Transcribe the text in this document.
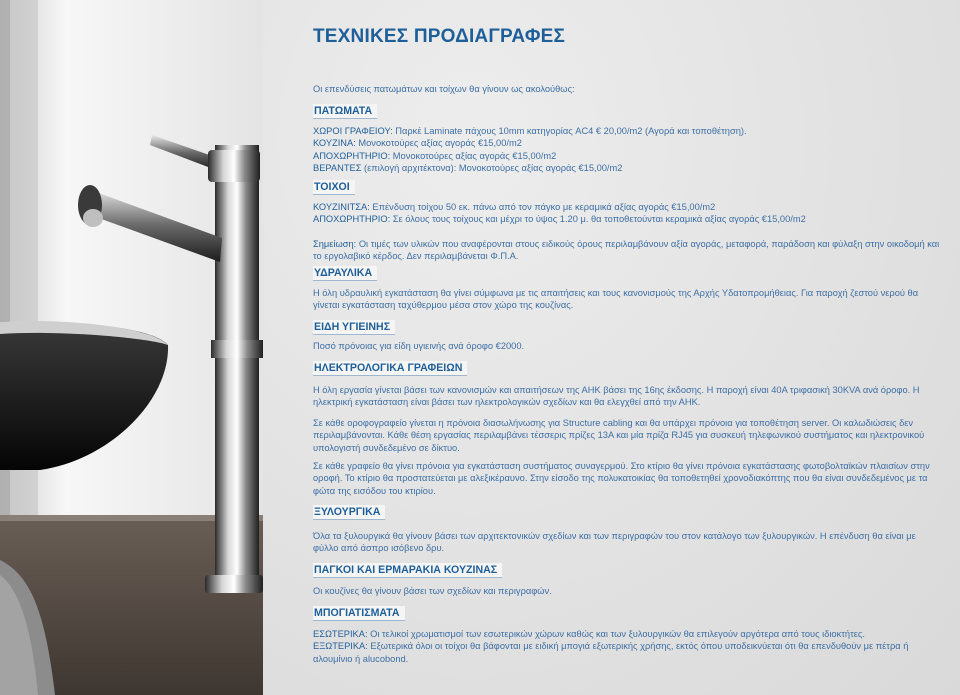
ΤΕΧΝΙΚΕΣ ΠΡΟΔΙΑΓΡΑΦΕΣ
Οι επενδύσεις πατωμάτων και τοίχων θα γίνουν ως ακολούθως:
ΠΑΤΩΜΑΤΑ
ΧΩΡΟΙ ΓΡΑΦΕΙΟΥ: Παρκέ Laminate πάχους 10mm κατηγορίας AC4 € 20,00/m2 (Αγορά και τοποθέτηση).
ΚΟΥΖΙΝΑ: Μονοκοτούρες αξίας αγοράς €15,00/m2
ΑΠΟΧΩΡΗΤΗΡΙΟ: Μονοκοτούρες αξίας αγοράς €15,00/m2
ΒΕΡΑΝΤΕΣ (επιλογή αρχιτέκτονα): Μονοκοτούρες αξίας αγοράς €15,00/m2
ΤΟΙΧΟΙ
ΚΟΥΖΙΝΙΤΣΑ: Επένδυση τοίχου 50 εκ. πάνω από τον πάγκο με κεραμικά αξίας αγοράς €15,00/m2
ΑΠΟΧΩΡΗΤΗΡΙΟ: Σε όλους τους τοίχους και μέχρι το ύψος 1.20 μ. θα τοποθετούνται κεραμικά αξίας αγοράς €15,00/m2
Σημείωση: Οι τιμές των υλικών που αναφέρονται στους ειδικούς όρους περιλαμβάνουν αξία αγοράς, μεταφορά, παράδοση και φύλαξη στην οικοδομή και το εργολαβικό κέρδος. Δεν περιλαμβάνεται Φ.Π.Α.
ΥΔΡΑΥΛΙΚΑ
Η όλη υδραυλική εγκατάσταση θα γίνει σύμφωνα με τις απαιτήσεις και τους κανονισμούς της Αρχής Υδατοπρομήθειας. Για παροχή ζεστού νερού θα γίνεται εγκατάσταση ταχύθερμου μέσα στον χώρο της κουζίνας.
ΕΙΔΗ ΥΓΙΕΙΝΗΣ
Ποσό πρόνοιας για είδη υγιεινής ανά όροφο €2000.
ΗΛΕΚΤΡΟΛΟΓΙΚΑ ΓΡΑΦΕΙΩΝ
Η όλη εργασία γίνεται βάσει των κανονισμών και απαιτήσεων της ΑΗΚ βάσει της 16ης έκδοσης. Η παροχή είναι 40Α τριφασική 30KVA ανά όροφο. Η ηλεκτρική εγκατάσταση είναι βάσει των ηλεκτρολογικών σχεδίων και θα ελεγχθεί από την ΑΗΚ.
Σε κάθε ορoφογραφείο γίνεται η πρόνοια διασωλήνωσης για Structure cabling και θα υπάρχει πρόνοια για τοποθέτηση server. Οι καλωδιώσεις δεν περιλαμβάνονται. Κάθε θέση εργασίας περιλαμβάνει τέσσερις πρίζες 13A και μία πρίζα RJ45 για συσκευή τηλεφωνικού συστήματος και ηλεκτρονικού υπολογιστή συνδεδεμένο σε δίκτυο.
Σε κάθε γραφείο θα γίνει πρόνοια για εγκατάσταση συστήματος συναγερμού. Στο κτίριο θα γίνει πρόνοια εγκατάστασης φωτοβολταϊκών πλαισίων στην οροφή. Το κτίριο θα προστατεύεται με αλεξικέραυνο. Στην είσοδο της πολυκατοικίας θα τοποθετηθεί χρονοδιακόπτης που θα είναι συνδεδεμένος με τα φώτα της εισόδου του κτιρίου.
ΞΥΛΟΥΡΓΙΚΑ
Όλα τα ξυλουργικά θα γίνουν βάσει των αρχιτεκτονικών σχεδίων και των περιγραφών του στον κατάλογο των ξυλουργικών. Η επένδυση θα είναι με φύλλο από άσπρο ισόβενο δρυ.
ΠΑΓΚΟΙ ΚΑΙ ΕΡΜΑΡΑΚΙΑ ΚΟΥΖΙΝΑΣ
Οι κουζίνες θα γίνουν βάσει των σχεδίων και περιγραφών.
ΜΠΟΓΙΑΤΙΣΜΑΤΑ
ΕΣΩΤΕΡΙΚΑ: Οι τελικοί χρωματισμοί των εσωτερικών χώρων καθώς και των ξυλουργικών θα επιλεγούν αργότερα από τους ιδιοκτήτες.
ΕΞΩΤΕΡΙΚΑ: Εξωτερικά όλοι οι τοίχοι θα βάφονται με ειδική μπογιά εξωτερικής χρήσης, εκτός όπου υποδεικνύεται ότι θα επενδυθούν με πέτρα ή αλουμίνιο ή alucobond.
